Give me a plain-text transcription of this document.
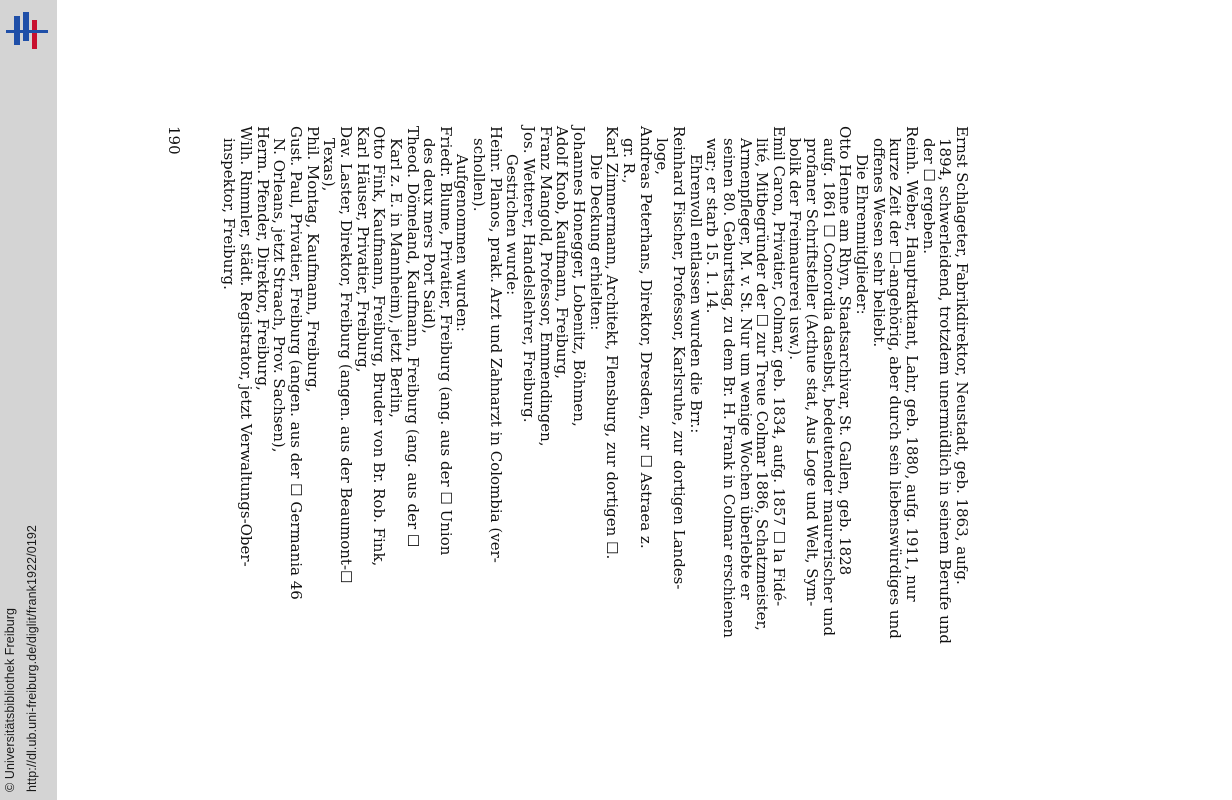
http://dl.ub.uni-freiburg.de/diglit/frank1922/0192
© Universitätsbibliothek Freiburg
Ernst Schlageter, Fabrikdirektor, Neustadt, geb. 1863, aufg.
1894, schwerleidend, trotzdem unermüdlich in seinem Berufe und
der ☐ ergeben.
Reinh. Weber, Hauptrakttant, Lahr, geb. 1880, aufg. 1911, nur
kurze Zeit der ☐-angehörig, aber durch sein liebenswürdiges und
offenes Wesen sehr beliebt.
Die Ehrenmitglieder:
Otto Henne am Rhyn, Staatsarchivar, St. Gallen, geb. 1828
aufg. 1861 ☐ Concordia daselbst, bedeutender maurerischer und
profaner Schriftsteller (Acthue stat, Aus Loge und Welt, Sym-
bolik der Freimaurerei usw.).
Emil Caron, Privatier, Colmar, geb. 1834, aufg. 1857 ☐ la Fidé-
lité, Mitbegründer der ☐ zur Treue Colmar 1886, Schatzmeister,
Armenpfleger, M. v. St. Nur um wenige Wochen überlebte er
seinen 80. Geburtstag, zu dem Br. H. Frank in Colmar erschienen
war; er starb 15. 1. 14.
Ehrenvoll entlassen wurden die Brr.:
Reinhard Fischer, Professor, Karlsruhe, zur dortigen Landes-
loge,
Andreas Peterhans, Direktor, Dresden, zur ☐ Astraea z.
gr. R.,
Karl Zimmermann, Architekt, Flensburg, zur dortigen ☐.
Die Deckung erhielten:
Johannes Honegger, Lobenitz, Böhmen,
Adolf Knob, Kaufmann, Freiburg,
Franz Mangold, Professor, Emmendingen,
Jos. Wetterer, Handelslehrer, Freiburg.
Gestrichen wurde:
Heinr. Planos, prakt. Arzt und Zahnarzt in Colombia (ver-
schollen).
Aufgenommen wurden:
Friedr. Blume, Privatier, Freiburg (ang. aus der ☐ Union
des deux mers Port Said),
Theod. Dömeland, Kaufmann, Freiburg (ang. aus der ☐
Karl z. E. in Mannheim), jetzt Berlin,
Otto Fink, Kaufmann, Freiburg, Bruder von Br. Rob. Fink,
Karl Häuser, Privatier, Freiburg,
Dav. Laster, Direktor, Freiburg (angen. aus der Beaumont-☐
Texas),
Phil. Montag, Kaufmann, Freiburg,
Gust. Paul, Privatier, Freiburg (angen. aus der ☐ Germania 46
N. Orleans, jetzt Straach, Prov. Sachsen),
Herm. Pfender, Direktor, Freiburg,
Wilh. Rimmler, städt. Registrator, jetzt Verwaltungs-Ober-
inspektor, Freiburg.
190
